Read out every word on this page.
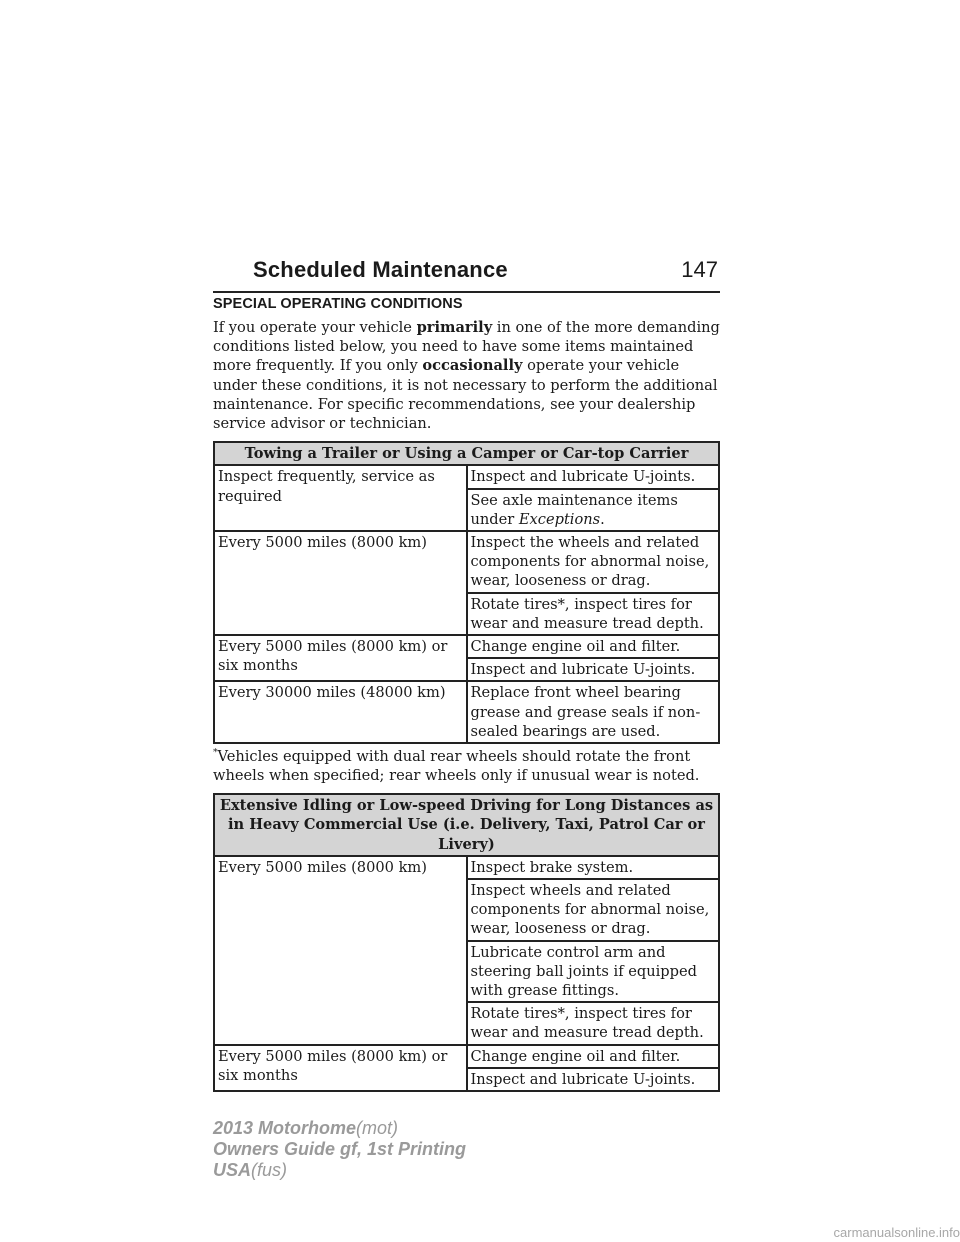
Scheduled Maintenance	147
SPECIAL OPERATING CONDITIONS

If you operate your vehicle primarily in one of the more demanding conditions listed below, you need to have some items maintained more frequently. If you only occasionally operate your vehicle under these conditions, it is not necessary to perform the additional maintenance. For specific recommendations, see your dealership service advisor or technician.

Towing a Trailer or Using a Camper or Car-top Carrier	
Inspect frequently, service as required	Inspect and lubricate U-joints.
	See axle maintenance items under Exceptions.
Every 5000 miles (8000 km)	Inspect the wheels and related components for abnormal noise, wear, looseness or drag.
	Rotate tires*, inspect tires for wear and measure tread depth.
Every 5000 miles (8000 km) or six months	Change engine oil and filter.
	Inspect and lubricate U-joints.
Every 30000 miles (48000 km)	Replace front wheel bearing grease and grease seals if non-sealed bearings are used.

*Vehicles equipped with dual rear wheels should rotate the front wheels when specified; rear wheels only if unusual wear is noted.

Extensive Idling or Low-speed Driving for Long Distances as in Heavy Commercial Use (i.e. Delivery, Taxi, Patrol Car or Livery)	
Every 5000 miles (8000 km)	Inspect brake system.
	Inspect wheels and related components for abnormal noise, wear, looseness or drag.
	Lubricate control arm and steering ball joints if equipped with grease fittings.
	Rotate tires*, inspect tires for wear and measure tread depth.
Every 5000 miles (8000 km) or six months	Change engine oil and filter.
	Inspect and lubricate U-joints.
2013 Motorhome(mot)
Owners Guide gf, 1st Printing
USA(fus)
carmanualsonline.info
